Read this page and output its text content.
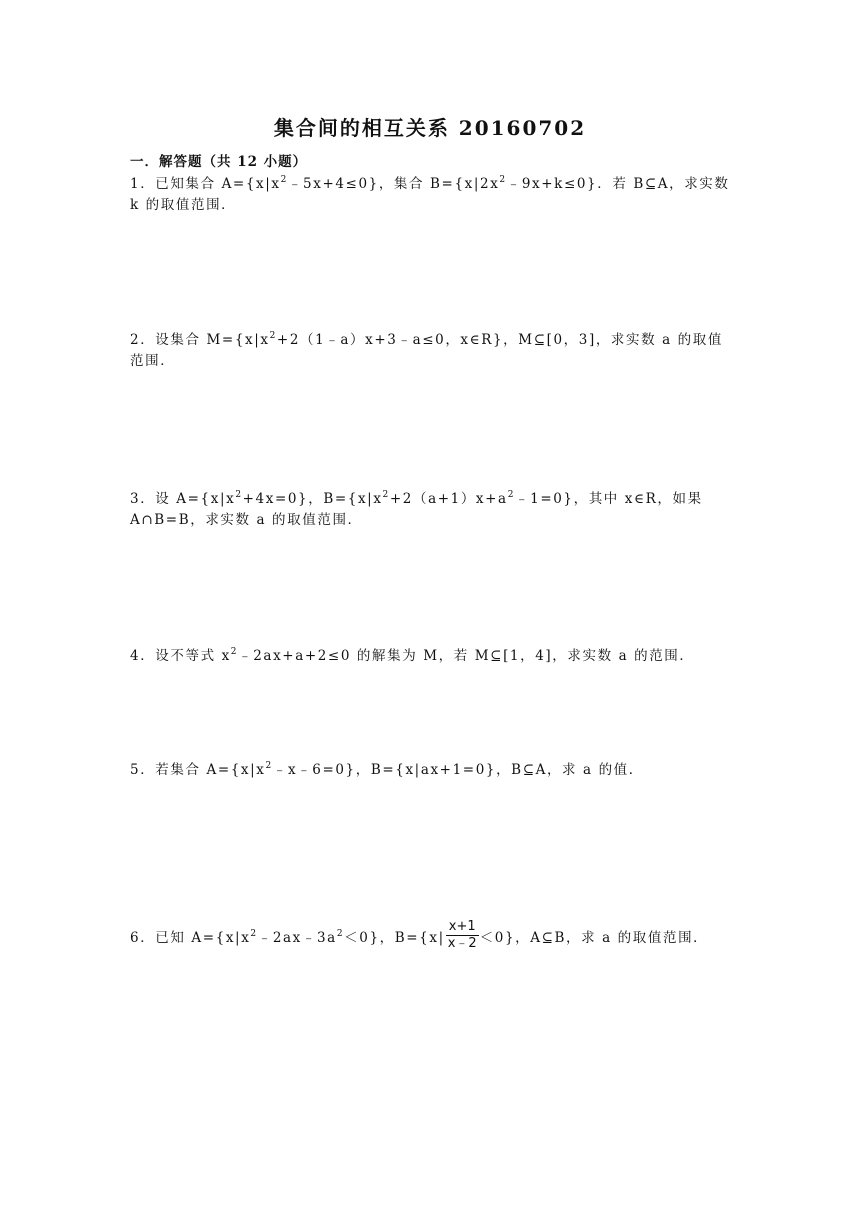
集合间的相互关系 20160702
一．解答题（共 12 小题）
1．已知集合 $A=\{x|x^2﹣5x+4\le 0\}$，集合 $B=\{x|2x^2﹣9x+k\le 0\}$．若 B⊆A，求实数 k 的取值范围．
2．设集合 $M=\{x|x^2+2(1﹣a)x+3﹣a\le 0$，x∈R}，M⊆[0，3]，求实数 a 的取值范围．
3．设 $A=\{x|x^2+4x=0\}$，$B=\{x|x^2+2(a+1)x+a^2﹣1=0\}$，其中 x∈R，如果 A∩B=B，求实数 a 的取值范围．
4．设不等式 $x^2﹣2ax+a+2\le 0$ 的解集为 M，若 M⊆[1，4]，求实数 a 的范围．
5．若集合 $A=\{x|x^2﹣x﹣6=0\}$，B={x|ax+1=0}，B⊆A，求 a 的值．
6．已知 $A=\{x|x^2﹣2ax﹣3a^2<0\}$，$B=\{x| \frac{x+1}{x﹣2} <0\}$，A⊆B，求 a 的取值范围．
